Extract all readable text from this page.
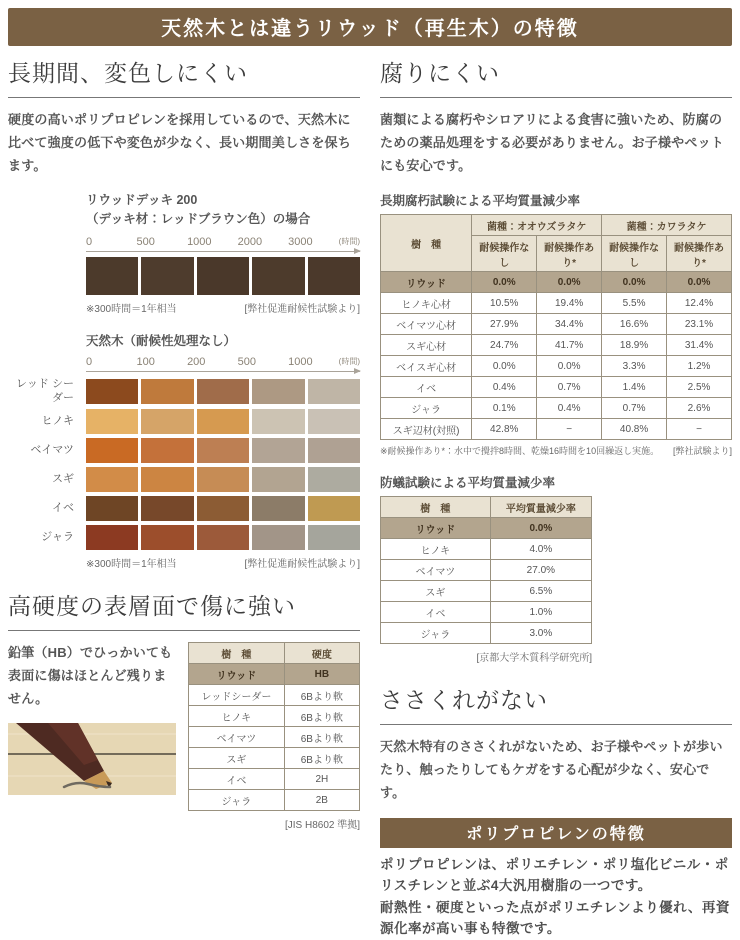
天然木とは違うリウッド（再生木）の特徴
長期間、変色しにくい

硬度の高いポリプロピレンを採用しているので、天然木に比べて強度の低下や変色が少なく、長い期間美しさを保ちます。

リウッドデッキ 200
（デッキ材：レッドブラウン色）の場合
0	500	1000	2000	3000	(時間)
※300時間＝1年相当	[弊社促進耐候性試験より]
天然木（耐候性処理なし）
0	100	200	500	1000	(時間)
レッド シーダー
ヒノキ
ベイマツ
スギ
イベ
ジャラ
※300時間＝1年相当	[弊社促進耐候性試験より]
高硬度の表層面で傷に強い

鉛筆（HB）でひっかいても表面に傷はほとんど残りません。

樹　種	硬度
リウッド	HB
レッドシーダー	6Bより軟
ヒノキ	6Bより軟
ベイマツ	6Bより軟
スギ	6Bより軟
イベ	2H
ジャラ	2B
[JIS H8602 準拠]
腐りにくい

菌類による腐朽やシロアリによる食害に強いため、防腐のための薬品処理をする必要がありません。お子様やペットにも安心です。

長期腐朽試験による平均質量減少率
樹　種	菌種：オオウズラタケ		菌種：カワラタケ	
	耐候操作なし	耐候操作あり*	耐候操作なし	耐候操作あり*
リウッド	0.0%	0.0%	0.0%	0.0%
ヒノキ心材	10.5%	19.4%	5.5%	12.4%
ベイマツ心材	27.9%	34.4%	16.6%	23.1%
スギ心材	24.7%	41.7%	18.9%	31.4%
ベイスギ心材	0.0%	0.0%	3.3%	1.2%
イベ	0.4%	0.7%	1.4%	2.5%
ジャラ	0.1%	0.4%	0.7%	2.6%
スギ辺材(対照)	42.8%	−	40.8%	−
※耐候操作あり*：水中で攪拌8時間、乾燥16時間を10回繰返し実施。 [弊社試験より]
防蟻試験による平均質量減少率
樹　種	平均質量減少率
リウッド	0.0%
ヒノキ	4.0%
ベイマツ	27.0%
スギ	6.5%
イベ	1.0%
ジャラ	3.0%
[京都大学木質科学研究所]
ささくれがない

天然木特有のささくれがないため、お子様やペットが歩いたり、触ったりしてもケガをする心配が少なく、安心です。

ポリプロピレンの特徴

ポリプロピレンは、ポリエチレン・ポリ塩化ビニル・ポリスチレンと並ぶ4大汎用樹脂の一つです。

耐熱性・硬度といった点がポリエチレンより優れ、再資源化率が高い事も特徴です。
